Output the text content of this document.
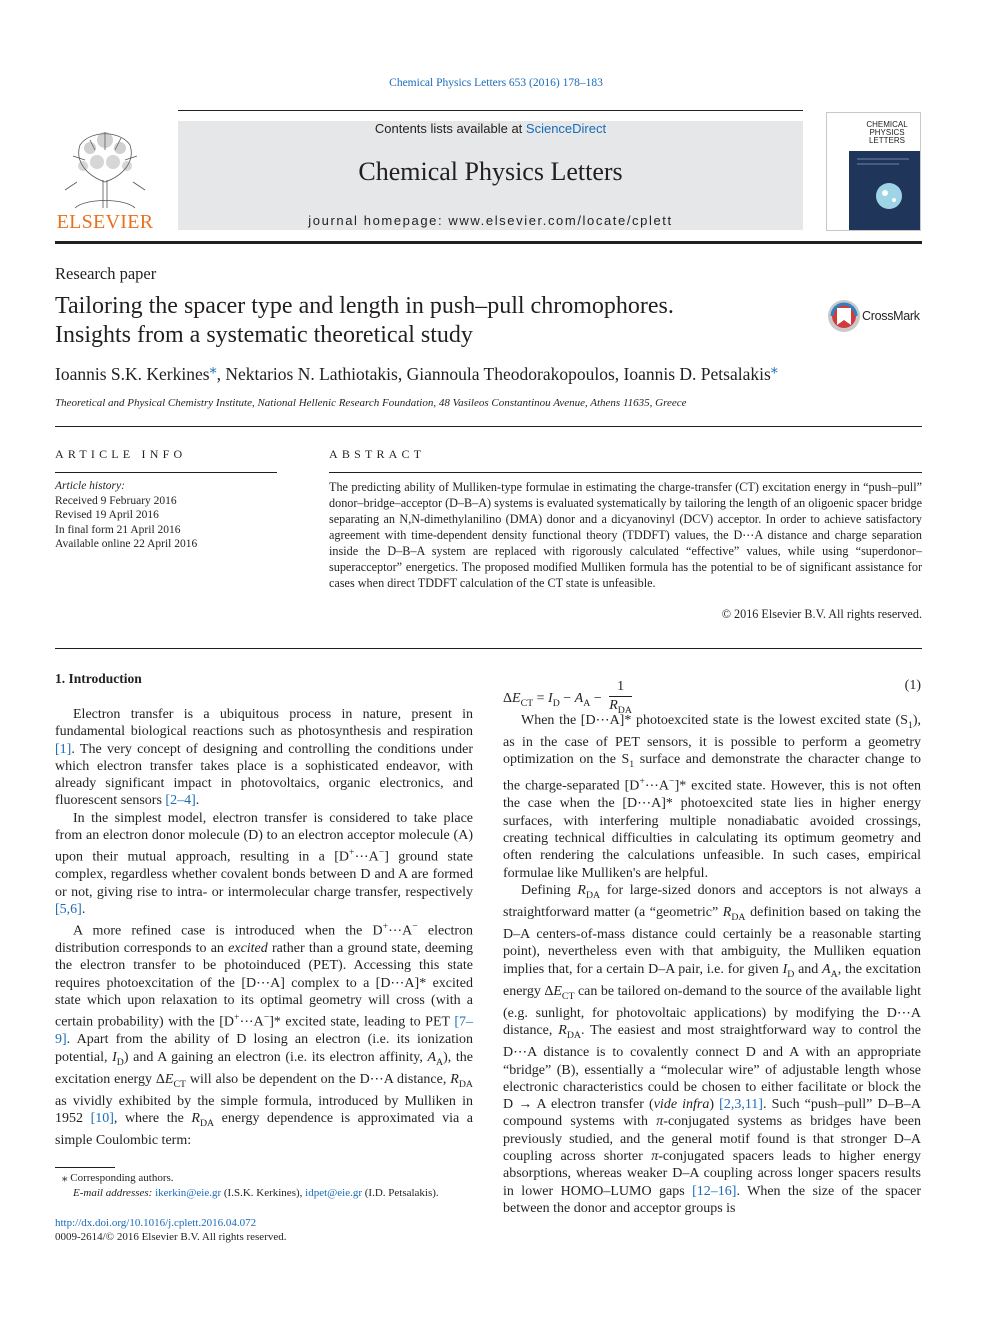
Chemical Physics Letters 653 (2016) 178–183
ELSEVIER
Contents lists available at ScienceDirect
Chemical Physics Letters
journal homepage: www.elsevier.com/locate/cplett
CHEMICAL PHYSICS LETTERS
Research paper
Tailoring the spacer type and length in push–pull chromophores.
Insights from a systematic theoretical study
CrossMark
Ioannis S.K. Kerkines⁎, Nektarios N. Lathiotakis, Giannoula Theodorakopoulos, Ioannis D. Petsalakis⁎
Theoretical and Physical Chemistry Institute, National Hellenic Research Foundation, 48 Vasileos Constantinou Avenue, Athens 11635, Greece
ARTICLE INFO	ABSTRACT
Article history:
Received 9 February 2016
Revised 19 April 2016
In final form 21 April 2016
Available online 22 April 2016
The predicting ability of Mulliken-type formulae in estimating the charge-transfer (CT) excitation energy in “push–pull” donor–bridge–acceptor (D–B–A) systems is evaluated systematically by tailoring the length of an oligoenic spacer bridge separating an N,N-dimethylanilino (DMA) donor and a dicyanovinyl (DCV) acceptor. In order to achieve satisfactory agreement with time-dependent density functional theory (TDDFT) values, the D⋯A distance and charge separation inside the D–B–A system are replaced with rigorously calculated “effective” values, while using “superdonor–superacceptor” energetics. The proposed modified Mulliken formula has the potential to be of significant assistance for cases when direct TDDFT calculation of the CT state is unfeasible.
© 2016 Elsevier B.V. All rights reserved.
1. Introduction

Electron transfer is a ubiquitous process in nature, present in fundamental biological reactions such as photosynthesis and respiration [1]. The very concept of designing and controlling the conditions under which electron transfer takes place is a sophisticated endeavor, with already significant impact in photovoltaics, organic electronics, and fluorescent sensors [2–4].

In the simplest model, electron transfer is considered to take place from an electron donor molecule (D) to an electron acceptor molecule (A) upon their mutual approach, resulting in a [D+⋯A−] ground state complex, regardless whether covalent bonds between D and A are formed or not, giving rise to intra- or intermolecular charge transfer, respectively [5,6].

A more refined case is introduced when the D+⋯A− electron distribution corresponds to an excited rather than a ground state, deeming the electron transfer to be photoinduced (PET). Accessing this state requires photoexcitation of the [D⋯A] complex to a [D⋯A]* excited state which upon relaxation to its optimal geometry will cross (with a certain probability) with the [D+⋯A−]* excited state, leading to PET [7–9]. Apart from the ability of D losing an electron (i.e. its ionization potential, $I_D$) and A gaining an electron (i.e. its electron affinity, $A_A$), the excitation energy $\Delta E_{CT}$ will also be dependent on the D⋯A distance, $R_{DA}$ as vividly exhibited by the simple formula, introduced by Mulliken in 1952 [10], where the $R_{DA}$ energy dependence is approximated via a simple Coulombic term:

$\Delta E_{CT} = I_D - A_A$ −
1
$R_{DA}$
(1)

When the [D⋯A]* photoexcited state is the lowest excited state $(S_1)$, as in the case of PET sensors, it is possible to perform a geometry optimization on the $S_1$ surface and demonstrate the character change to the charge-separated [D+⋯A−]* excited state. However, this is not often the case when the [D⋯A]* photoexcited state lies in higher energy surfaces, with interfering multiple nonadiabatic avoided crossings, creating technical difficulties in calculating its optimum geometry and often rendering the calculations unfeasible. In such cases, empirical formulae like Mulliken's are helpful.

Defining $R_{DA}$ for large-sized donors and acceptors is not always a straightforward matter (a “geometric” $R_{DA}$ definition based on taking the D–A centers-of-mass distance could certainly be a reasonable starting point), nevertheless even with that ambiguity, the Mulliken equation implies that, for a certain D–A pair, i.e. for given $I_D$ and $A_A$, the excitation energy $\Delta E_{CT}$ can be tailored on-demand to the source of the available light (e.g. sunlight, for photovoltaic applications) by modifying the D⋯A distance, $R_{DA}$. The easiest and most straightforward way to control the D⋯A distance is to covalently connect D and A with an appropriate “bridge” (B), essentially a “molecular wire” of adjustable length whose electronic characteristics could be chosen to either facilitate or block the D → A electron transfer (vide infra) [2,3,11]. Such “push–pull” D–B–A compound systems with π-conjugated systems as bridges have been previously studied, and the general motif found is that stronger D–A coupling across shorter π-conjugated spacers leads to higher energy absorptions, whereas weaker D–A coupling across longer spacers results in lower HOMO–LUMO gaps [12–16]. When the size of the spacer between the donor and acceptor groups is

⁎ Corresponding authors.
E-mail addresses: ikerkin@eie.gr (I.S.K. Kerkines), idpet@eie.gr (I.D. Petsalakis).
http://dx.doi.org/10.1016/j.cplett.2016.04.072
0009-2614/© 2016 Elsevier B.V. All rights reserved.
